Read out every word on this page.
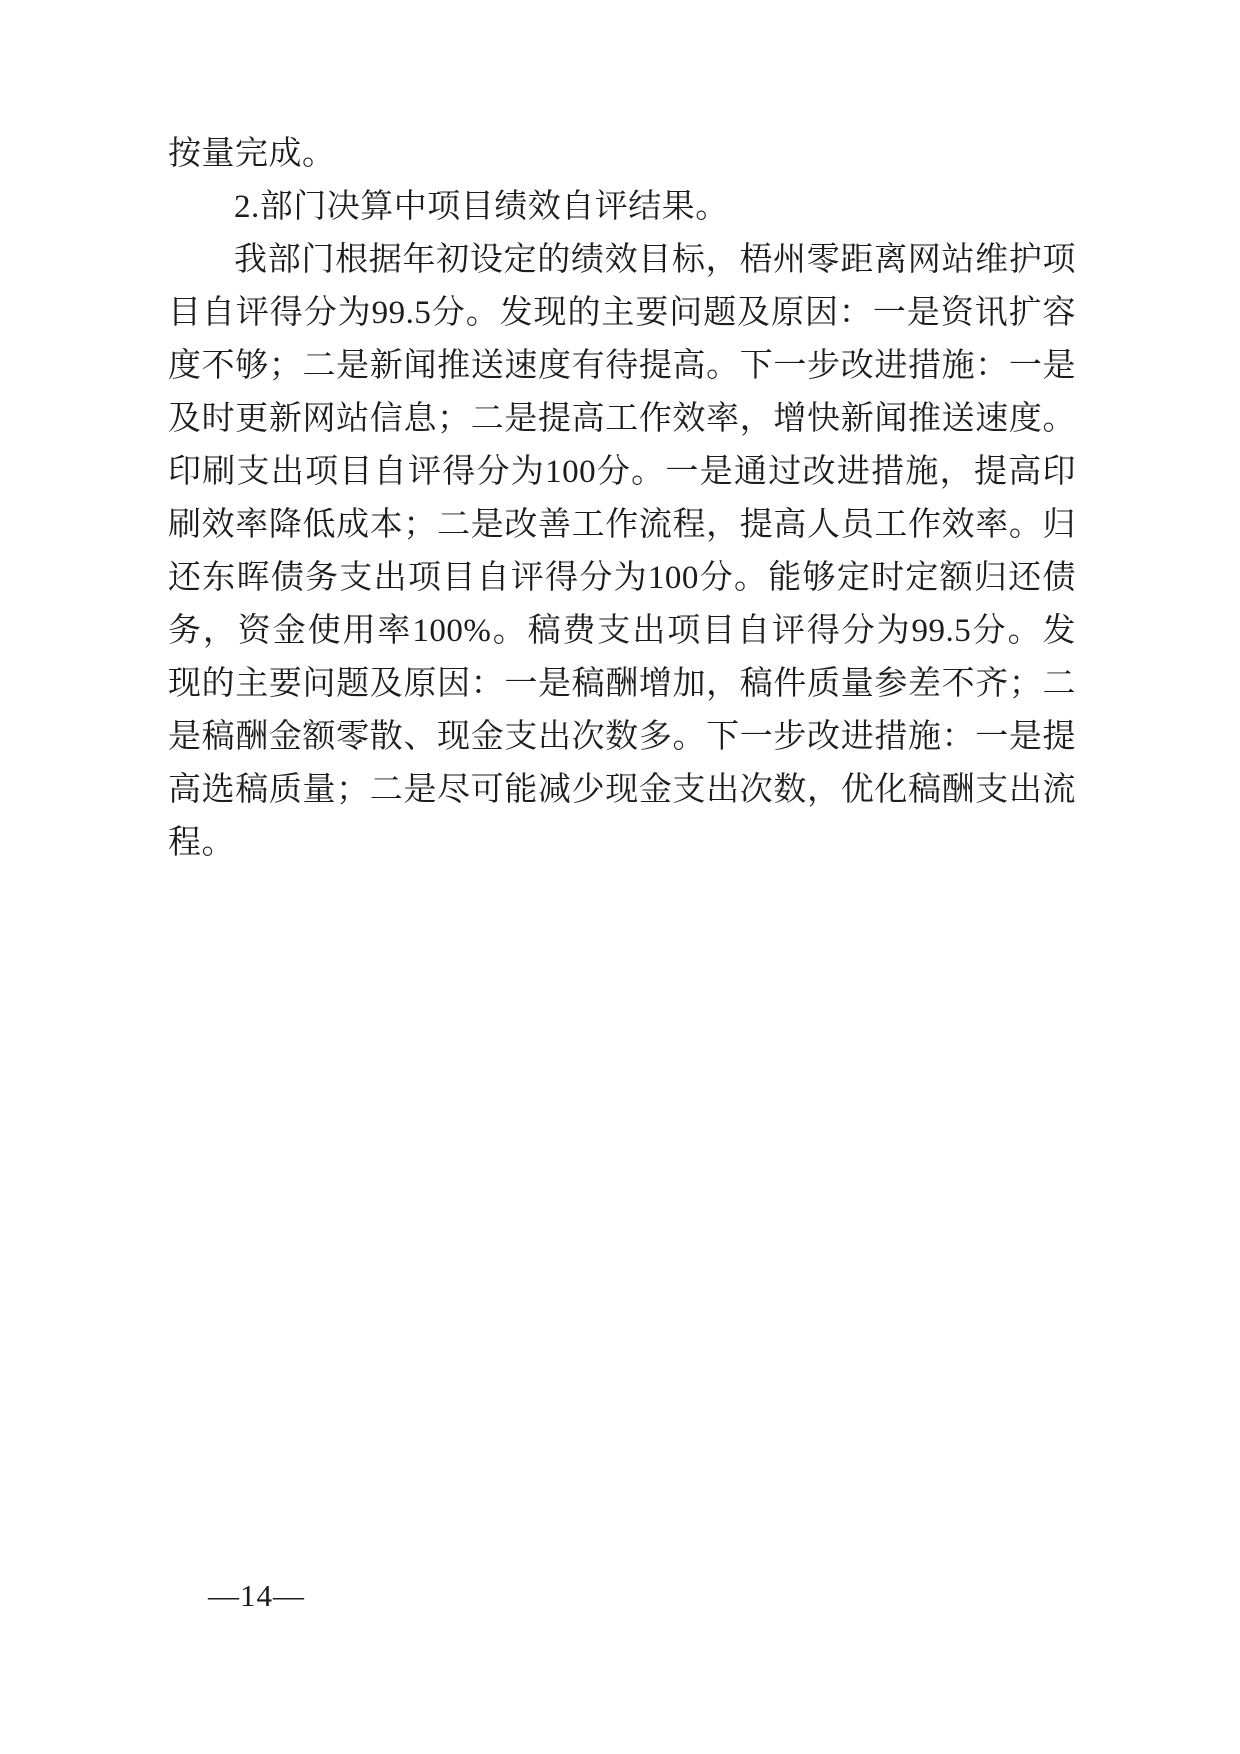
按量完成。

2.部门决算中项目绩效自评结果。

我部门根据年初设定的绩效目标，梧州零距离网站维护项目自评得分为99.5分。发现的主要问题及原因：一是资讯扩容度不够；二是新闻推送速度有待提高。下一步改进措施：一是及时更新网站信息；二是提高工作效率，增快新闻推送速度。印刷支出项目自评得分为100分。一是通过改进措施，提高印刷效率降低成本；二是改善工作流程，提高人员工作效率。归还东晖债务支出项目自评得分为100分。能够定时定额归还债务，资金使用率100%。稿费支出项目自评得分为99.5分。发现的主要问题及原因：一是稿酬增加，稿件质量参差不齐；二是稿酬金额零散、现金支出次数多。下一步改进措施：一是提高选稿质量；二是尽可能减少现金支出次数，优化稿酬支出流程。

—14—
